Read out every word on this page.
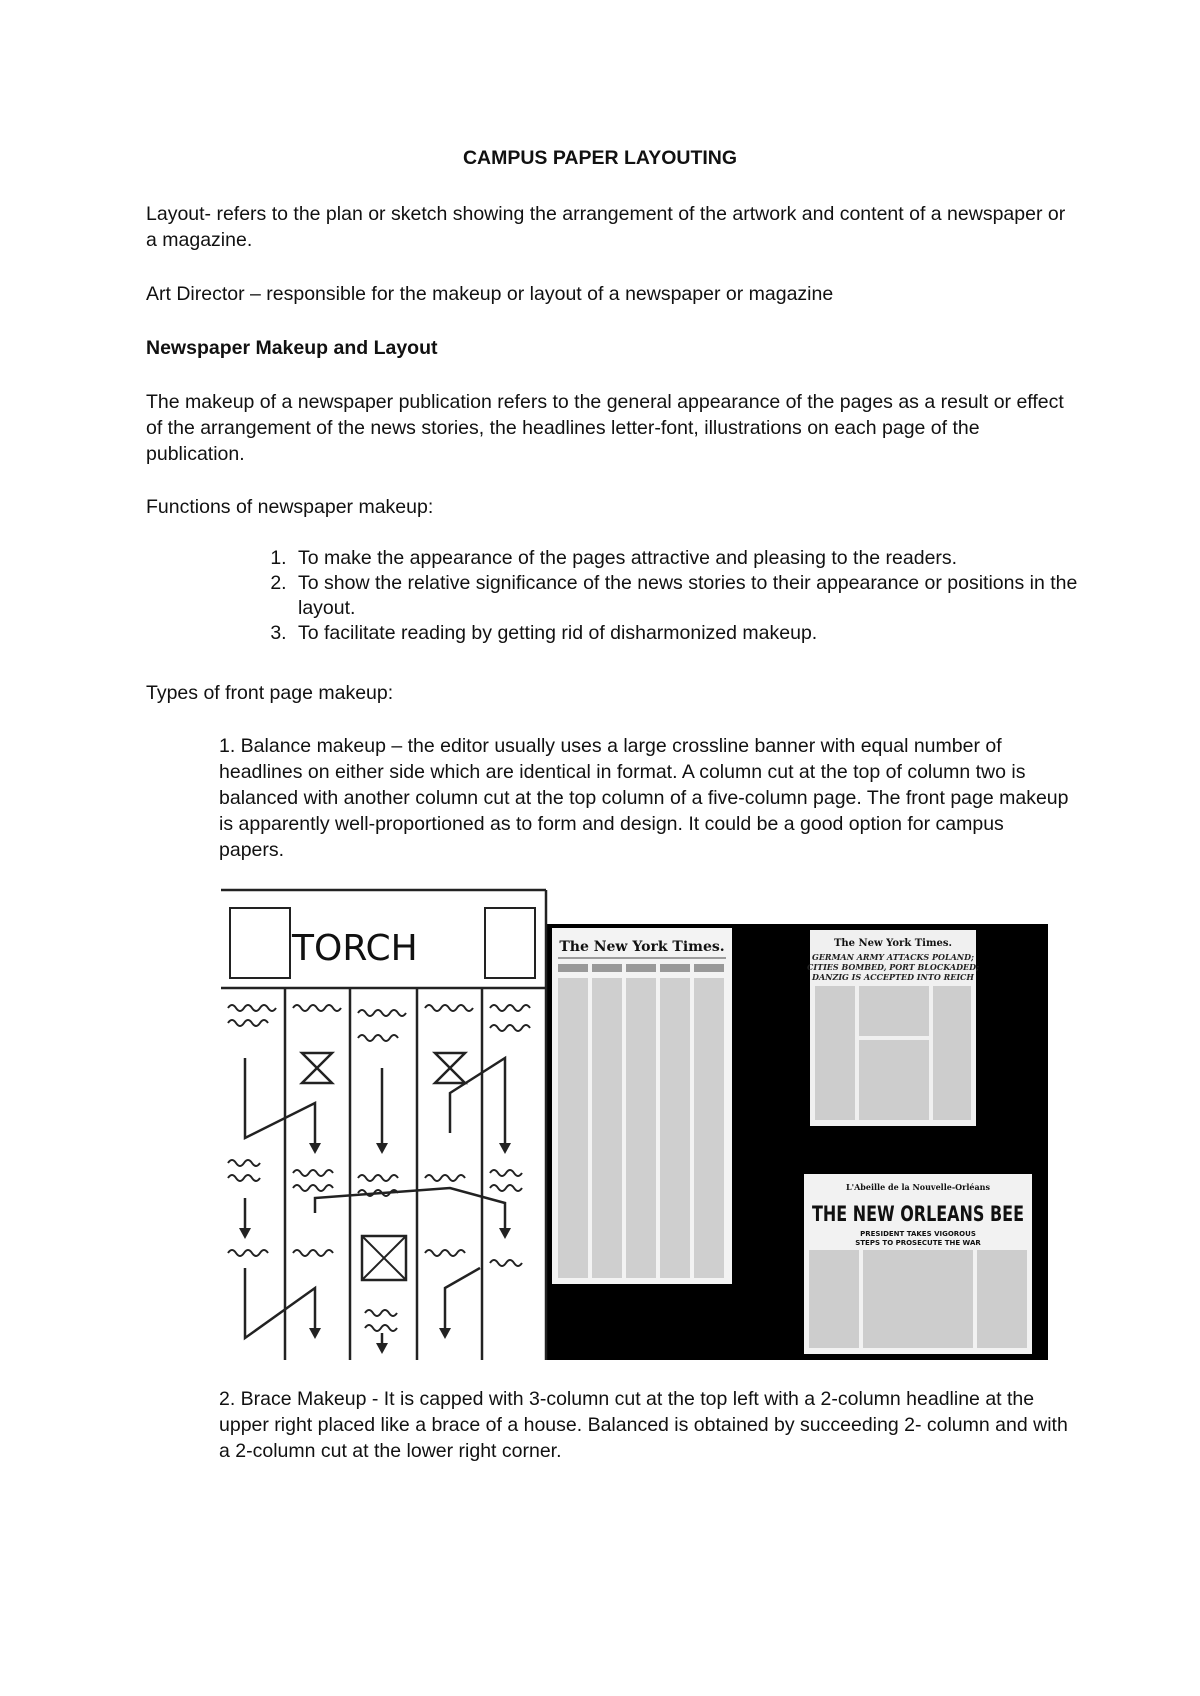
CAMPUS PAPER LAYOUTING

Layout- refers to the plan or sketch showing the arrangement of the artwork and content of a newspaper or a magazine.

Art Director – responsible for the makeup or layout of a newspaper or magazine

Newspaper Makeup and Layout

The makeup of a newspaper publication refers to the general appearance of the pages as a result or effect of the arrangement of the news stories, the headlines letter-font, illustrations on each page of the publication.

Functions of newspaper makeup:

1. To make the appearance of the pages attractive and pleasing to the readers.
2. To show the relative significance of the news stories to their appearance or positions in the layout.
3. To facilitate reading by getting rid of disharmonized makeup.

Types of front page makeup:

1. Balance makeup – the editor usually uses a large crossline banner with equal number of headlines on either side which are identical in format. A column cut at the top of column two is balanced with another column cut at the top column of a five-column page. The front page makeup is apparently well-proportioned as to form and design. It could be a good option for campus papers.

TORCH	The New York Times.	The New York Times.
GERMAN ARMY ATTACKS POLAND;
CITIES BOMBED, PORT BLOCKADED;
DANZIG IS ACCEPTED INTO REICH
L'Abeille de la Nouvelle-Orléans
THE NEW ORLEANS BEE
PRESIDENT TAKES VIGOROUS
STEPS TO PROSECUTE THE WAR

2. Brace Makeup - It is capped with 3-column cut at the top left with a 2-column headline at the upper right placed like a brace of a house. Balanced is obtained by succeeding 2- column and with a 2-column cut at the lower right corner.
